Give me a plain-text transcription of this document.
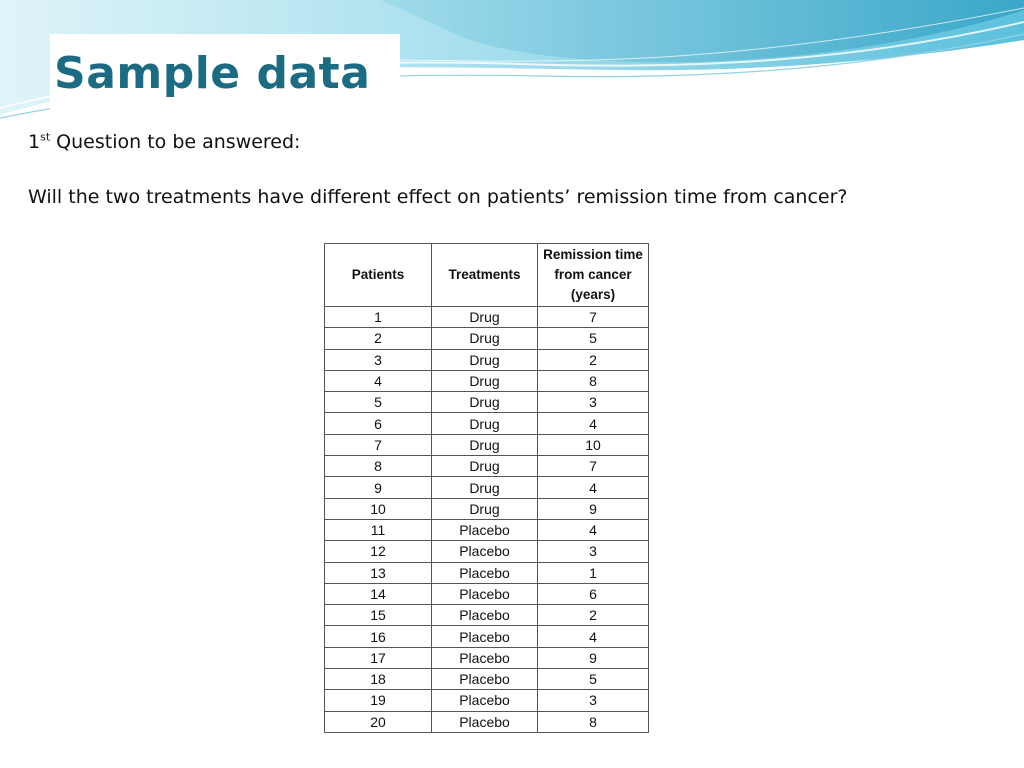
Sample data

1st Question to be answered:

Will the two treatments have different effect on patients’ remission time from cancer?

Patients	Treatments	Remission time from cancer (years)
1	Drug	7
2	Drug	5
3	Drug	2
4	Drug	8
5	Drug	3
6	Drug	4
7	Drug	10
8	Drug	7
9	Drug	4
10	Drug	9
11	Placebo	4
12	Placebo	3
13	Placebo	1
14	Placebo	6
15	Placebo	2
16	Placebo	4
17	Placebo	9
18	Placebo	5
19	Placebo	3
20	Placebo	8
